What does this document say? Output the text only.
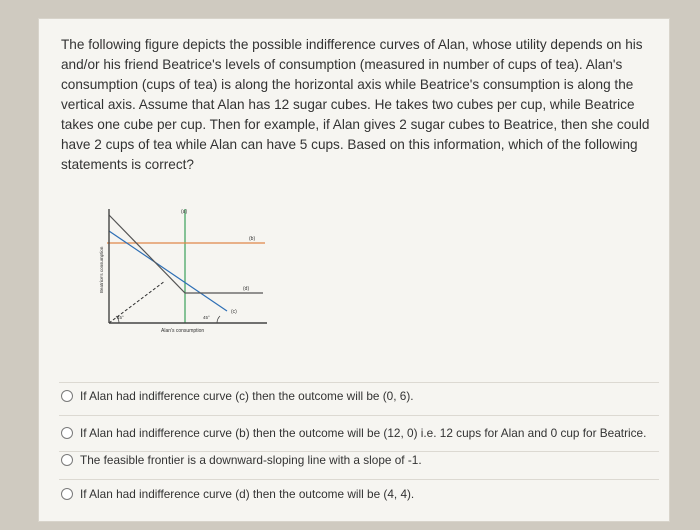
The following figure depicts the possible indifference curves of Alan, whose utility depends on his and/or his friend Beatrice's levels of consumption (measured in number of cups of tea). Alan's consumption (cups of tea) is along the horizontal axis while Beatrice's consumption is along the vertical axis. Assume that Alan has 12 sugar cubes. He takes two cubes per cup, while Beatrice takes one cube per cup. Then for example, if Alan gives 2 sugar cubes to Beatrice, then she could have 2 cups of tea while Alan can have 5 cups. Based on this information, which of the following statements is correct?

(a)
(b)
(c)
(d)
45°	45°
Alan's consumption
Beatrice's consumption
If Alan had indifference curve (c) then the outcome will be (0, 6).
If Alan had indifference curve (b) then the outcome will be (12, 0) i.e. 12 cups for Alan and 0 cup for Beatrice.
The feasible frontier is a downward-sloping line with a slope of -1.
If Alan had indifference curve (d) then the outcome will be (4, 4).
